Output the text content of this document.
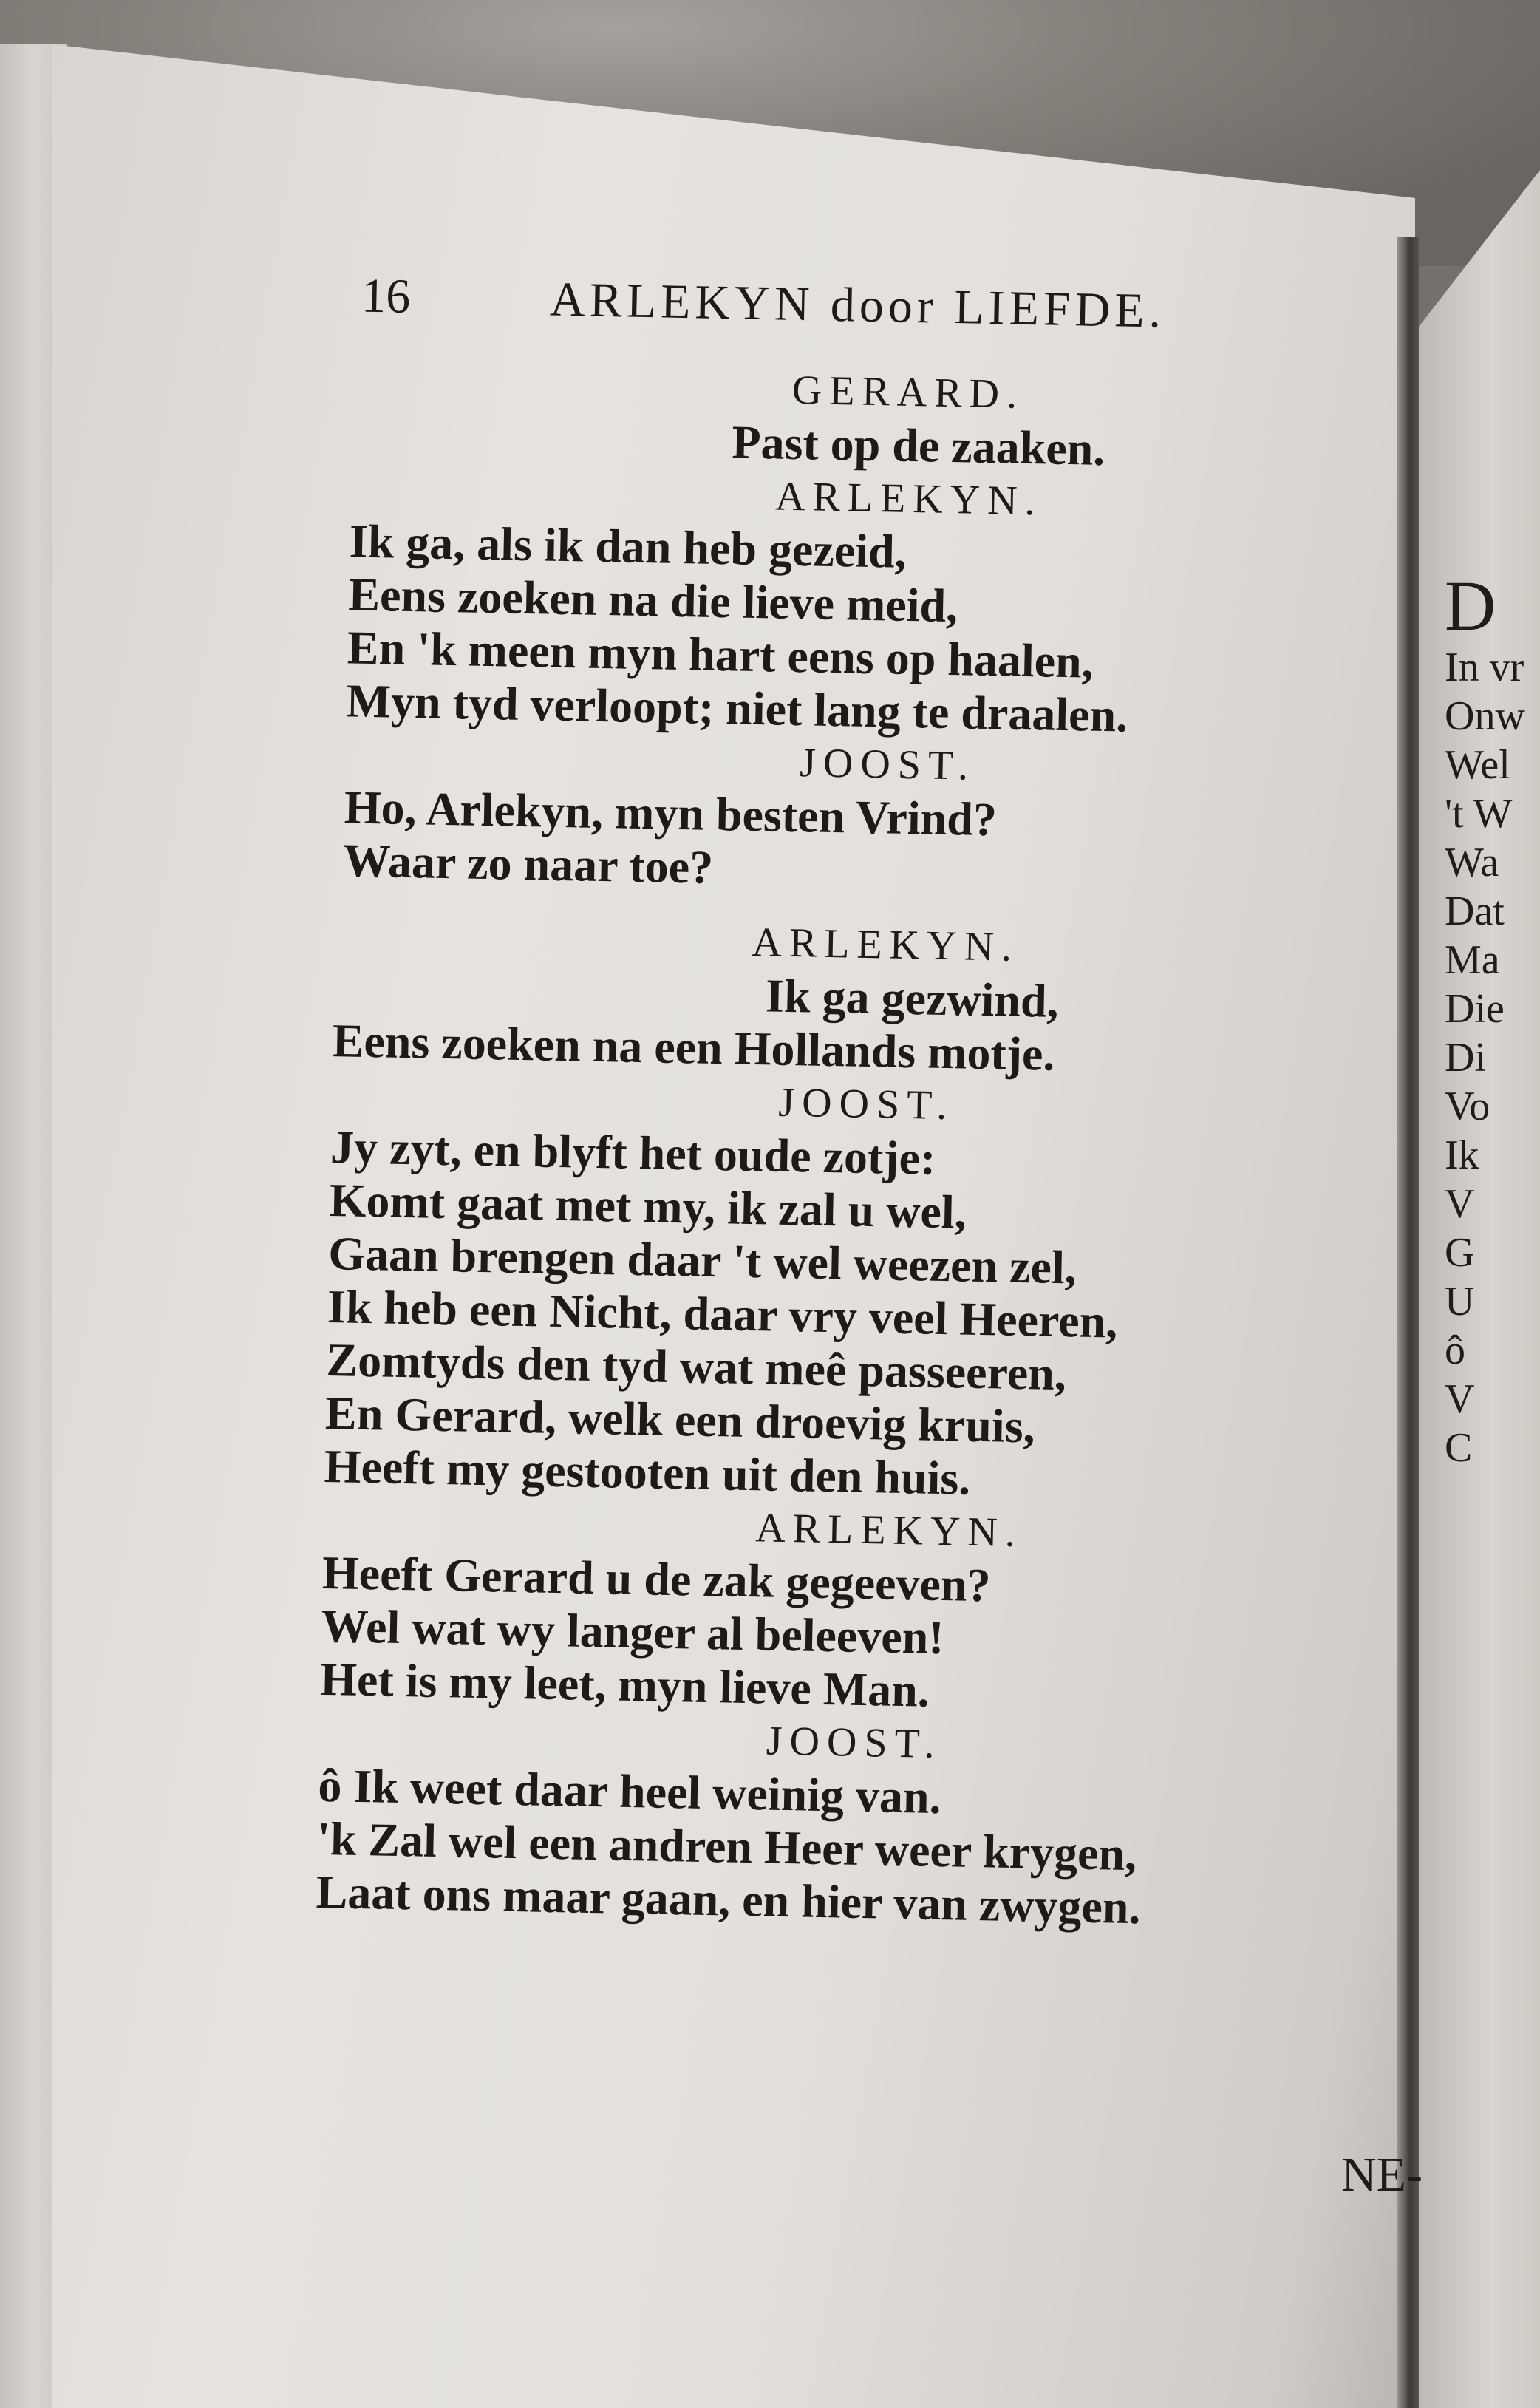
D
In vr
Onw
Wel
't W
Wa
Dat
Ma
Die
Di
Vo
Ik
V
G
U
ô
V
C
16	ARLEKYN door LIEFDE.
GERARD.
Past op de zaaken.
ARLEKYN.
Ik ga, als ik dan heb gezeid,
Eens zoeken na die lieve meid,
En 'k meen myn hart eens op haalen,
Myn tyd verloopt; niet lang te draalen.
JOOST.
Ho, Arlekyn, myn besten Vrind?
Waar zo naar toe?
ARLEKYN.
Ik ga gezwind,
Eens zoeken na een Hollands motje.
JOOST.
Jy zyt, en blyft het oude zotje:
Komt gaat met my, ik zal u wel,
Gaan brengen daar 't wel weezen zel,
Ik heb een Nicht, daar vry veel Heeren,
Zomtyds den tyd wat meê passeeren,
En Gerard, welk een droevig kruis,
Heeft my gestooten uit den huis.
ARLEKYN.
Heeft Gerard u de zak gegeeven?
Wel wat wy langer al beleeven!
Het is my leet, myn lieve Man.
JOOST.
ô Ik weet daar heel weinig van.
'k Zal wel een andren Heer weer krygen,
Laat ons maar gaan, en hier van zwygen.
NE-
